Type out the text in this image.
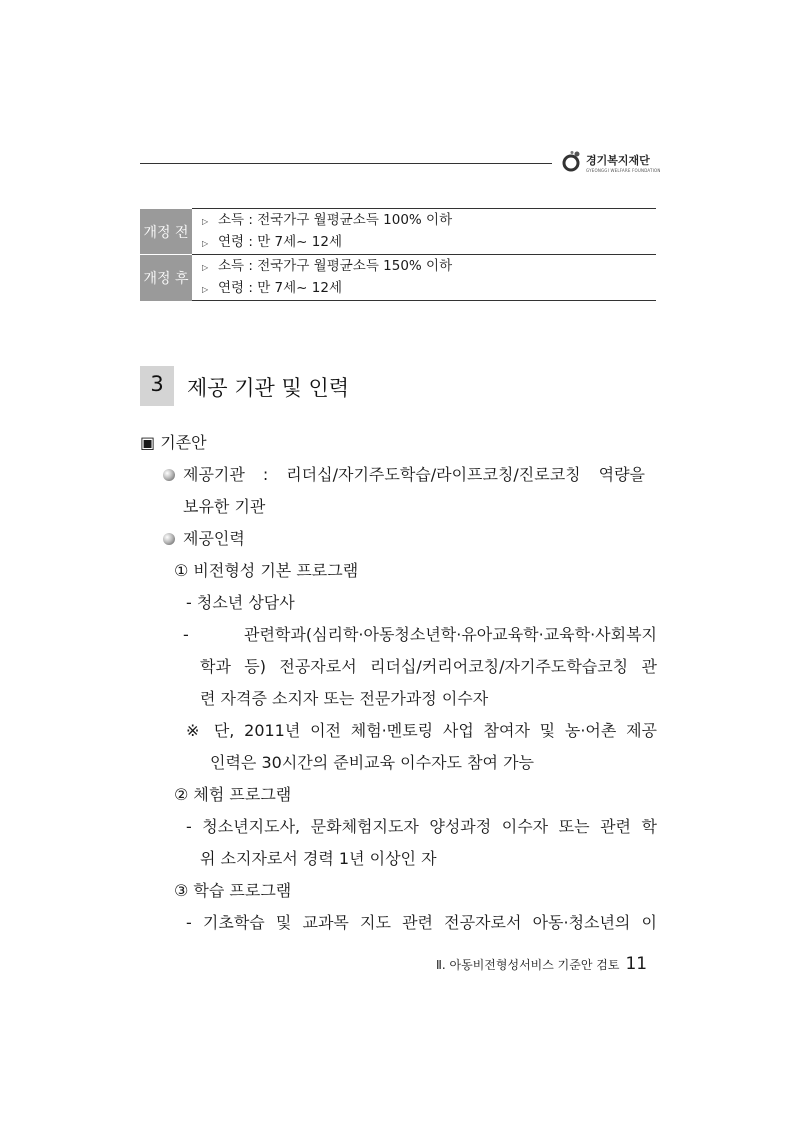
경기복지재단
GYEONGGI WELFARE FOUNDATION
개정 전	▷ 소득 : 전국가구 월평균소득 100% 이하
▷ 연령 : 만 7세~ 12세

개정 후	▷ 소득 : 전국가구 월평균소득 150% 이하
▷ 연령 : 만 7세~ 12세
3	제공 기관 및 인력
▣ 기존안
제공기관 : 리더십/자기주도학습/라이프코칭/진로코칭 역량을
보유한 기관
제공인력
① 비전형성 기본 프로그램
- 청소년 상담사
- 관련학과(심리학·아동청소년학·유아교육학·교육학·사회복지
학과 등) 전공자로서 리더십/커리어코칭/자기주도학습코칭 관
련 자격증 소지자 또는 전문가과정 이수자
※ 단, 2011년 이전 체험·멘토링 사업 참여자 및 농·어촌 제공
인력은 30시간의 준비교육 이수자도 참여 가능
② 체험 프로그램
- 청소년지도사, 문화체험지도자 양성과정 이수자 또는 관련 학
위 소지자로서 경력 1년 이상인 자
③ 학습 프로그램
- 기초학습 및 교과목 지도 관련 전공자로서 아동·청소년의 이
Ⅱ. 아동비전형성서비스 기준안 검토 11
